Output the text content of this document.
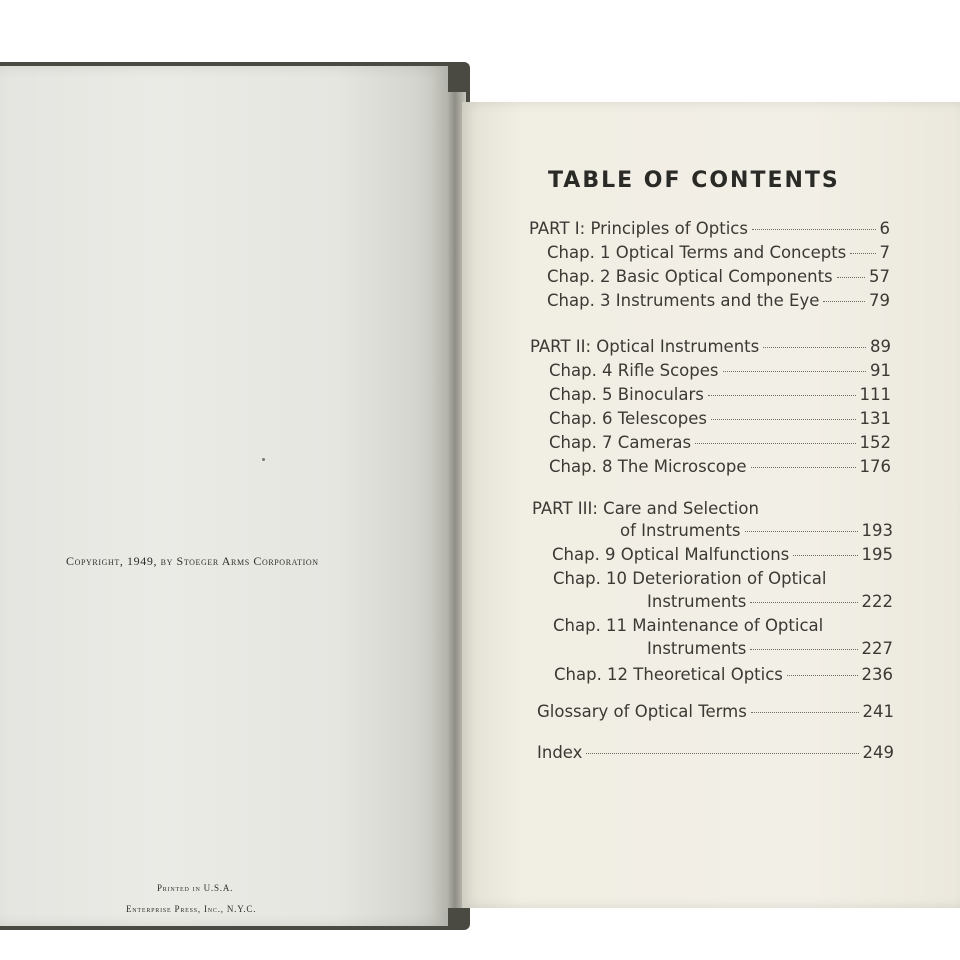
Copyright, 1949, by Stoeger Arms Corporation
Printed in U.S.A.
Enterprise Press, Inc., N.Y.C.
TABLE OF CONTENTS
PART I: Principles of Optics	6
Chap. 1 Optical Terms and Concepts 7
Chap. 2 Basic Optical Components 57
Chap. 3 Instruments and the Eye	79
PART II: Optical Instruments	89
Chap. 4 Rifle Scopes	91
Chap. 5 Binoculars	111
Chap. 6 Telescopes	131
Chap. 7 Cameras	152
Chap. 8 The Microscope	176
PART III: Care and Selection
of Instruments	193
Chap. 9 Optical Malfunctions	195
Chap. 10 Deterioration of Optical
Instruments	222
Chap. 11 Maintenance of Optical
Instruments	227
Chap. 12 Theoretical Optics	236
Glossary of Optical Terms	241
Index	249
